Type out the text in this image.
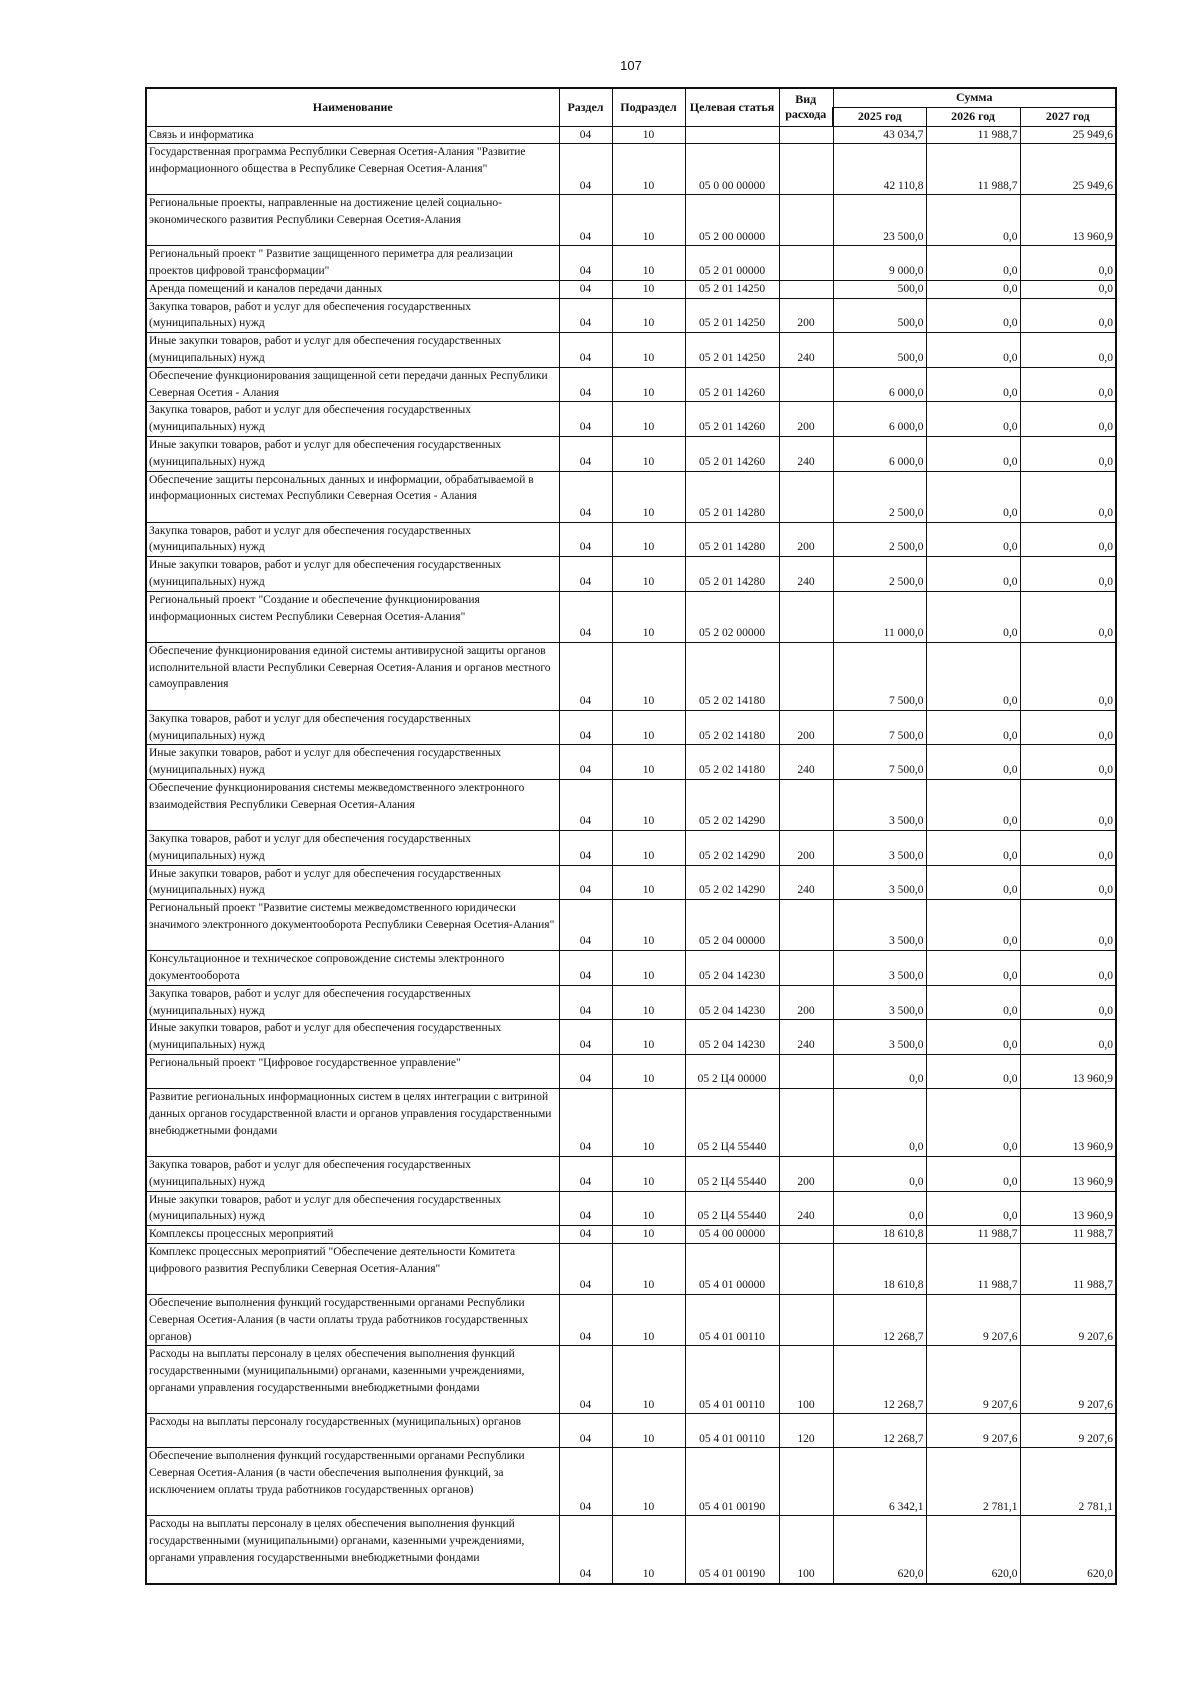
107
Наименование	Раздел	Подраздел	Целевая статья	Вид расхода	Сумма		
					2025 год	2026 год	2027 год
Связь и информатика	04	10			43 034,7	11 988,7	25 949,6
Государственная программа Республики Северная Осетия-Алания "Развитие информационного общества в Республике Северная Осетия-Алания"	04	10	05 0 00 00000		42 110,8	11 988,7	25 949,6
Региональные проекты, направленные на достижение целей социально-экономического развития Республики Северная Осетия-Алания	04	10	05 2 00 00000		23 500,0	0,0	13 960,9
Региональный проект " Развитие защищенного периметра для реализации проектов цифровой трансформации"	04	10	05 2 01 00000		9 000,0	0,0	0,0
Аренда помещений и каналов передачи данных	04	10	05 2 01 14250		500,0	0,0	0,0
Закупка товаров, работ и услуг для обеспечения государственных (муниципальных) нужд	04	10	05 2 01 14250	200	500,0	0,0	0,0
Иные закупки товаров, работ и услуг для обеспечения государственных (муниципальных) нужд	04	10	05 2 01 14250	240	500,0	0,0	0,0
Обеспечение функционирования защищенной сети передачи данных Республики Северная Осетия - Алания	04	10	05 2 01 14260		6 000,0	0,0	0,0
Закупка товаров, работ и услуг для обеспечения государственных (муниципальных) нужд	04	10	05 2 01 14260	200	6 000,0	0,0	0,0
Иные закупки товаров, работ и услуг для обеспечения государственных (муниципальных) нужд	04	10	05 2 01 14260	240	6 000,0	0,0	0,0
Обеспечение защиты персональных данных и информации, обрабатываемой в информационных системах Республики Северная Осетия - Алания	04	10	05 2 01 14280		2 500,0	0,0	0,0
Закупка товаров, работ и услуг для обеспечения государственных (муниципальных) нужд	04	10	05 2 01 14280	200	2 500,0	0,0	0,0
Иные закупки товаров, работ и услуг для обеспечения государственных (муниципальных) нужд	04	10	05 2 01 14280	240	2 500,0	0,0	0,0
Региональный проект "Создание и обеспечение функционирования информационных систем Республики Северная Осетия-Алания"	04	10	05 2 02 00000		11 000,0	0,0	0,0
Обеспечение функционирования единой системы антивирусной защиты органов исполнительной власти Республики Северная Осетия-Алания и органов местного самоуправления	04	10	05 2 02 14180		7 500,0	0,0	0,0
Закупка товаров, работ и услуг для обеспечения государственных (муниципальных) нужд	04	10	05 2 02 14180	200	7 500,0	0,0	0,0
Иные закупки товаров, работ и услуг для обеспечения государственных (муниципальных) нужд	04	10	05 2 02 14180	240	7 500,0	0,0	0,0
Обеспечение функционирования системы межведомственного электронного взаимодействия Республики Северная Осетия-Алания	04	10	05 2 02 14290		3 500,0	0,0	0,0
Закупка товаров, работ и услуг для обеспечения государственных (муниципальных) нужд	04	10	05 2 02 14290	200	3 500,0	0,0	0,0
Иные закупки товаров, работ и услуг для обеспечения государственных (муниципальных) нужд	04	10	05 2 02 14290	240	3 500,0	0,0	0,0
Региональный проект "Развитие системы межведомственного юридически значимого электронного документооборота Республики Северная Осетия-Алания"	04	10	05 2 04 00000		3 500,0	0,0	0,0
Консультационное и техническое сопровождение системы электронного документооборота	04	10	05 2 04 14230		3 500,0	0,0	0,0
Закупка товаров, работ и услуг для обеспечения государственных (муниципальных) нужд	04	10	05 2 04 14230	200	3 500,0	0,0	0,0
Иные закупки товаров, работ и услуг для обеспечения государственных (муниципальных) нужд	04	10	05 2 04 14230	240	3 500,0	0,0	0,0
Региональный проект "Цифровое государственное управление"	04	10	05 2 Ц4 00000		0,0	0,0	13 960,9
Развитие региональных информационных систем в целях интеграции с витриной данных органов государственной власти и органов управления государственными внебюджетными фондами	04	10	05 2 Ц4 55440		0,0	0,0	13 960,9
Закупка товаров, работ и услуг для обеспечения государственных (муниципальных) нужд	04	10	05 2 Ц4 55440	200	0,0	0,0	13 960,9
Иные закупки товаров, работ и услуг для обеспечения государственных (муниципальных) нужд	04	10	05 2 Ц4 55440	240	0,0	0,0	13 960,9
Комплексы процессных мероприятий	04	10	05 4 00 00000		18 610,8	11 988,7	11 988,7
Комплекс процессных мероприятий "Обеспечение деятельности Комитета цифрового развития Республики Северная Осетия-Алания"	04	10	05 4 01 00000		18 610,8	11 988,7	11 988,7
Обеспечение выполнения функций государственными органами Республики Северная Осетия-Алания (в части оплаты труда работников государственных органов)	04	10	05 4 01 00110		12 268,7	9 207,6	9 207,6
Расходы на выплаты персоналу в целях обеспечения выполнения функций государственными (муниципальными) органами, казенными учреждениями, органами управления государственными внебюджетными фондами	04	10	05 4 01 00110	100	12 268,7	9 207,6	9 207,6
Расходы на выплаты персоналу государственных (муниципальных) органов	04	10	05 4 01 00110	120	12 268,7	9 207,6	9 207,6
Обеспечение выполнения функций государственными органами Республики Северная Осетия-Алания (в части обеспечения выполнения функций, за исключением оплаты труда работников государственных органов)	04	10	05 4 01 00190		6 342,1	2 781,1	2 781,1
Расходы на выплаты персоналу в целях обеспечения выполнения функций государственными (муниципальными) органами, казенными учреждениями, органами управления государственными внебюджетными фондами	04	10	05 4 01 00190	100	620,0	620,0	620,0
